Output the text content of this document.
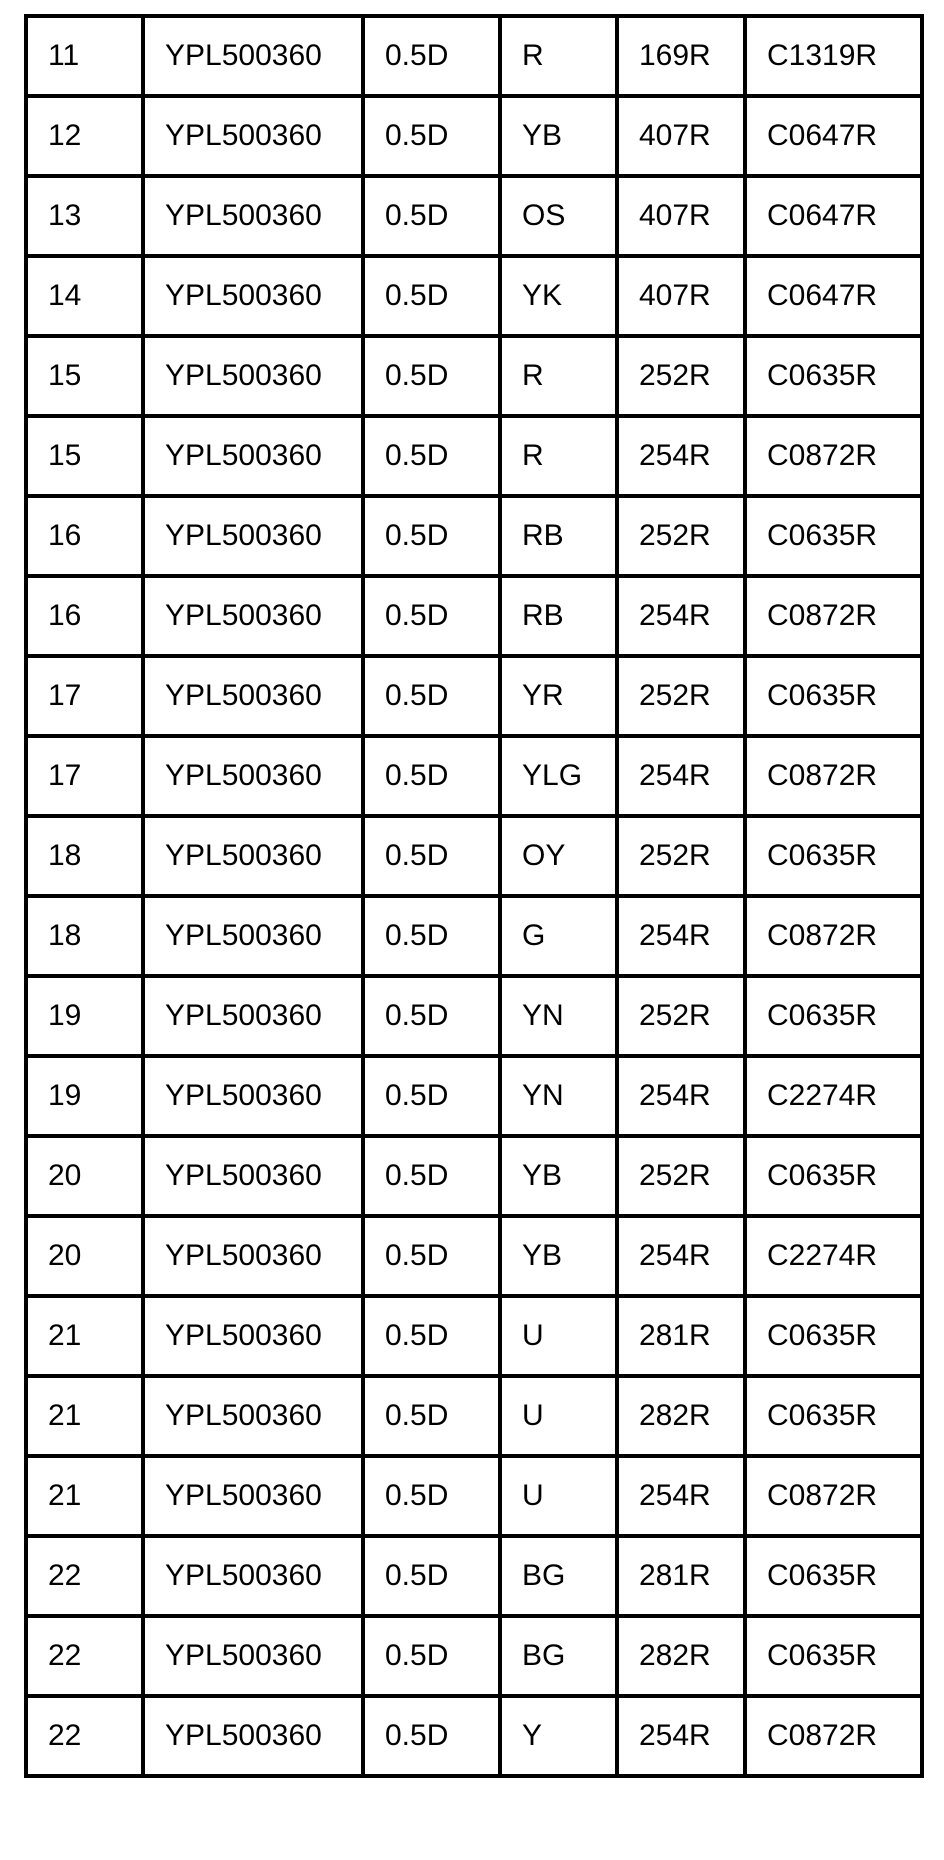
11	YPL500360	0.5D	R	169R	C1319R
12	YPL500360	0.5D	YB	407R	C0647R
13	YPL500360	0.5D	OS	407R	C0647R
14	YPL500360	0.5D	YK	407R	C0647R
15	YPL500360	0.5D	R	252R	C0635R
15	YPL500360	0.5D	R	254R	C0872R
16	YPL500360	0.5D	RB	252R	C0635R
16	YPL500360	0.5D	RB	254R	C0872R
17	YPL500360	0.5D	YR	252R	C0635R
17	YPL500360	0.5D	YLG	254R	C0872R
18	YPL500360	0.5D	OY	252R	C0635R
18	YPL500360	0.5D	G	254R	C0872R
19	YPL500360	0.5D	YN	252R	C0635R
19	YPL500360	0.5D	YN	254R	C2274R
20	YPL500360	0.5D	YB	252R	C0635R
20	YPL500360	0.5D	YB	254R	C2274R
21	YPL500360	0.5D	U	281R	C0635R
21	YPL500360	0.5D	U	282R	C0635R
21	YPL500360	0.5D	U	254R	C0872R
22	YPL500360	0.5D	BG	281R	C0635R
22	YPL500360	0.5D	BG	282R	C0635R
22	YPL500360	0.5D	Y	254R	C0872R
